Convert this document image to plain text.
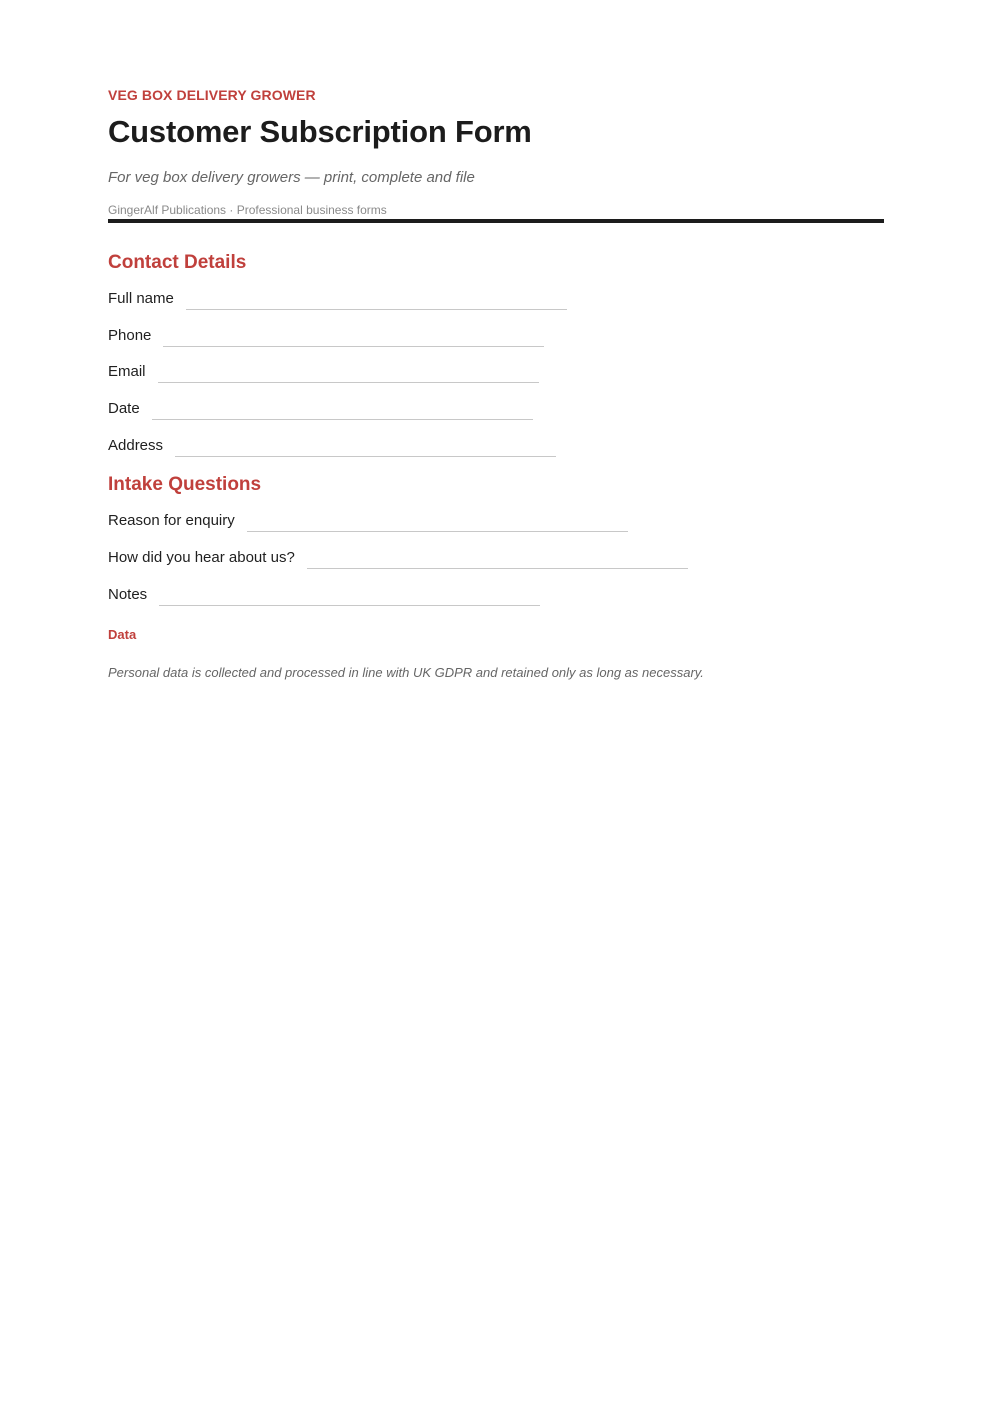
VEG BOX DELIVERY GROWER
Customer Subscription Form
For veg box delivery growers — print, complete and file
GingerAlf Publications · Professional business forms
Contact Details
Full name
Phone
Email
Date
Address
Intake Questions
Reason for enquiry
How did you hear about us?
Notes
Data
Personal data is collected and processed in line with UK GDPR and retained only as long as necessary.
